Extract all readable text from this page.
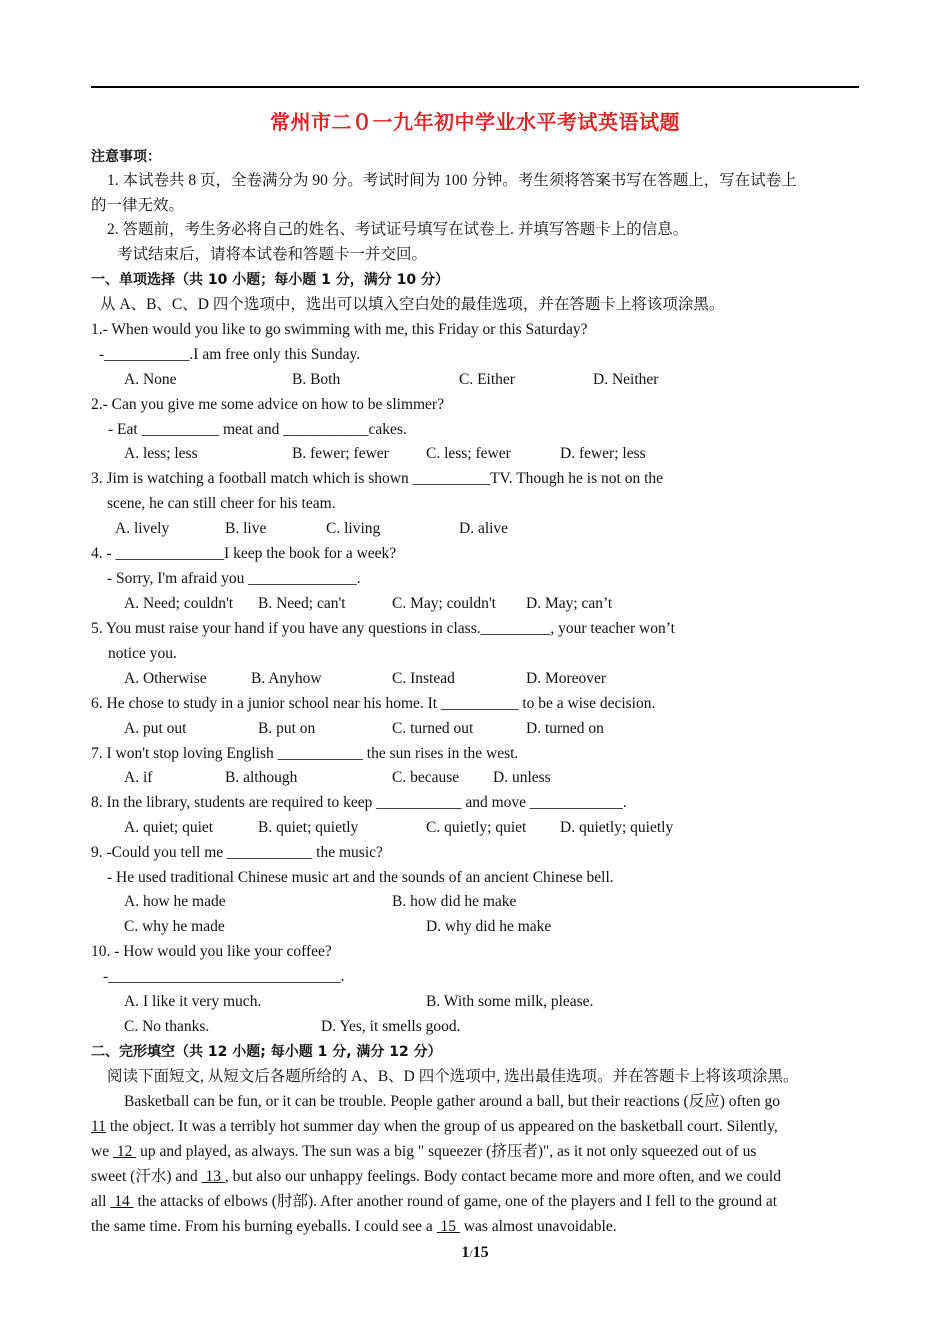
常州市二０一九年初中学业水平考试英语试题
注意事项：
1. 本试卷共 8 页，全卷满分为 90 分。考试时间为 100 分钟。考生须将答案书写在答题上，写在试卷上
的一律无效。
2. 答题前，考生务必将自己的姓名、考试证号填写在试卷上. 并填写答题卡上的信息。
考试结束后，请将本试卷和答题卡一并交回。
一、单项选择（共 10 小题；每小题 1 分，满分 10 分）
从 A、B、C、D 四个选项中，选出可以填入空白处的最佳选项，并在答题卡上将该项涂黑。
1.- When would you like to go swimming with me, this Friday or this Saturday?
-___________.I am free only this Sunday.
A. None	B. Both	C. Either	D. Neither
2.- Can you give me some advice on how to be slimmer?
- Eat __________ meat and ___________cakes.
A. less; less	B. fewer; fewer C. less; fewer	D. fewer; less
3. Jim is watching a football match which is shown __________TV. Though he is not on the
scene, he can still cheer for his team.
A. lively	B. live	C. living	D. alive
4. - ______________I keep the book for a week?
- Sorry, I'm afraid you ______________.
A. Need; couldn't B. Need; can't	C. May; couldn't D. May; can’t
5. You must raise your hand if you have any questions in class._________, your teacher won’t
notice you.
A. Otherwise	B. Anyhow	C. Instead	D. Moreover
6. He chose to study in a junior school near his home. It __________ to be a wise decision.
A. put out	B. put on	C. turned out	D. turned on
7. I won't stop loving English ___________ the sun rises in the west.
A. if	B. although	C. because D. unless
8. In the library, students are required to keep ___________ and move ____________.
A. quiet; quiet	B. quiet; quietly	C. quietly; quiet D. quietly; quietly
9. -Could you tell me ___________ the music?
- He used traditional Chinese music art and the sounds of an ancient Chinese bell.
A. how he made	B. how did he make
C. why he made	D. why did he make
10. - How would you like your coffee?
-______________________________.
A. I like it very much.	B. With some milk, please.
C. No thanks.	D. Yes, it smells good.
二、完形填空（共 12 小题; 每小题 1 分, 满分 12 分）
阅读下面短文, 从短文后各题所给的 A、B、D 四个选项中, 选出最佳选项。并在答题卡上将该项涂黑。
Basketball can be fun, or it can be trouble. People gather around a ball, but their reactions (反应) often go
11 the object. It was a terribly hot summer day when the group of us appeared on the basketball court. Silently,
we  12  up and played, as always. The sun was a big " squeezer (挤压者)", as it not only squeezed out of us
sweet (汗水) and  13 , but also our unhappy feelings. Body contact became more and more often, and we could
all  14  the attacks of elbows (肘部). After another round of game, one of the players and I fell to the ground at
the same time. From his burning eyeballs. I could see a  15  was almost unavoidable.
1/15
